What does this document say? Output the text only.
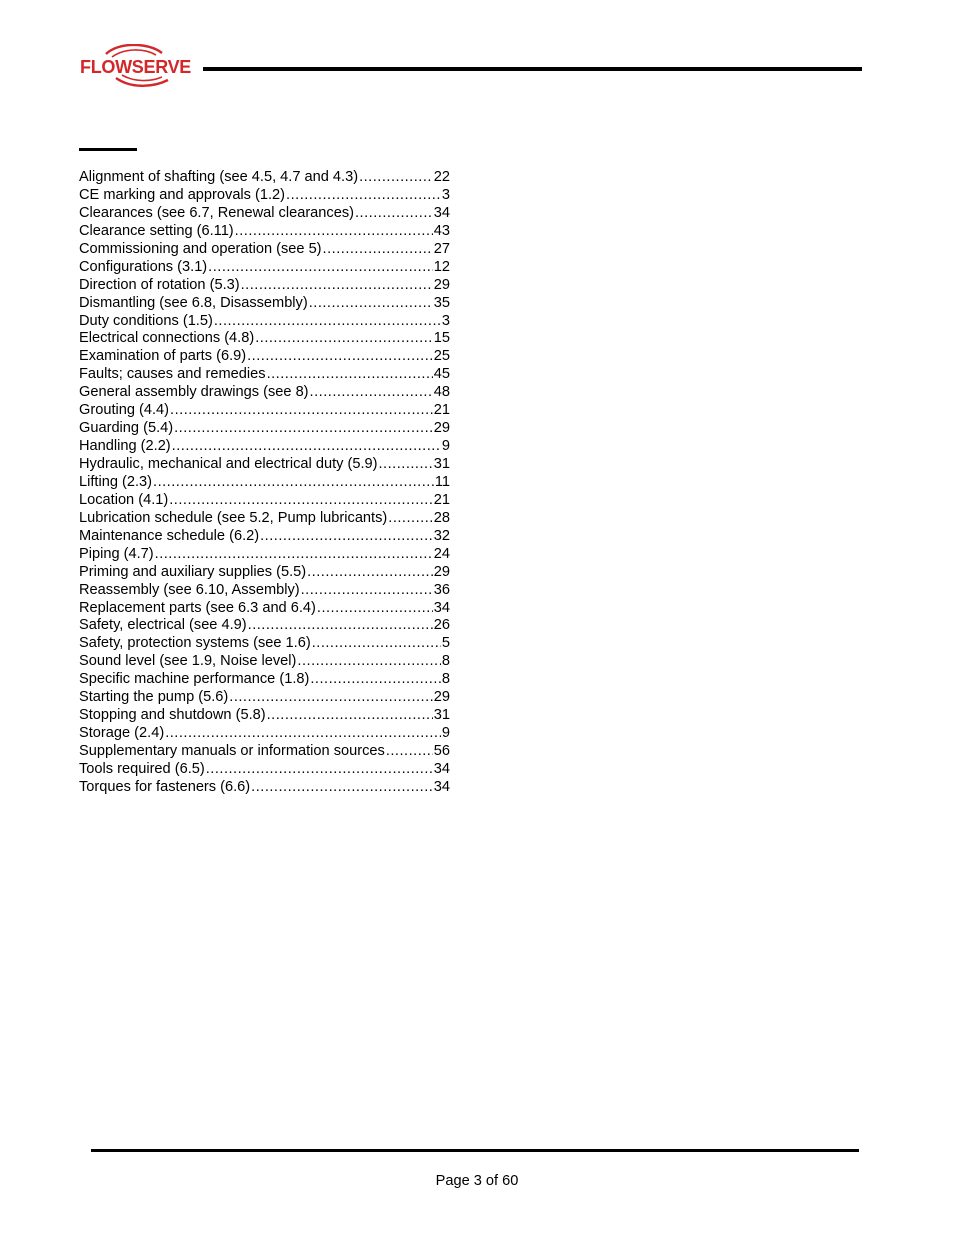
FLOWSERVE
Alignment of shafting (see 4.5, 4.7 and 4.3) .....	22
CE marking and approvals (1.2) .....	3
Clearances (see 6.7, Renewal clearances) .....	34
Clearance setting (6.11) .....	43
Commissioning and operation (see 5) .....	27
Configurations (3.1) .....	12
Direction of rotation (5.3) .....	29
Dismantling (see 6.8, Disassembly) .....	35
Duty conditions (1.5) .....	3
Electrical connections (4.8) .....	15
Examination of parts (6.9) .....	25
Faults; causes and remedies .....	45
General assembly drawings (see 8) .....	48
Grouting (4.4) .....	21
Guarding (5.4) .....	29
Handling (2.2) .....	9
Hydraulic, mechanical and electrical duty (5.9) .....	31
Lifting (2.3) .....	11
Location (4.1) .....	21
Lubrication schedule (see 5.2, Pump lubricants) .....	28
Maintenance schedule (6.2) .....	32
Piping (4.7) .....	24
Priming and auxiliary supplies (5.5) .....	29
Reassembly (see 6.10, Assembly) .....	36
Replacement parts (see 6.3 and 6.4) .....	34
Safety, electrical (see 4.9) .....	26
Safety, protection systems (see 1.6) .....	5
Sound level (see 1.9, Noise level) .....	8
Specific machine performance (1.8) .....	8
Starting the pump (5.6) .....	29
Stopping and shutdown (5.8) .....	31
Storage (2.4) .....	9
Supplementary manuals or information sources .....	56
Tools required (6.5) .....	34
Torques for fasteners (6.6) .....	34
Page 3 of 60
